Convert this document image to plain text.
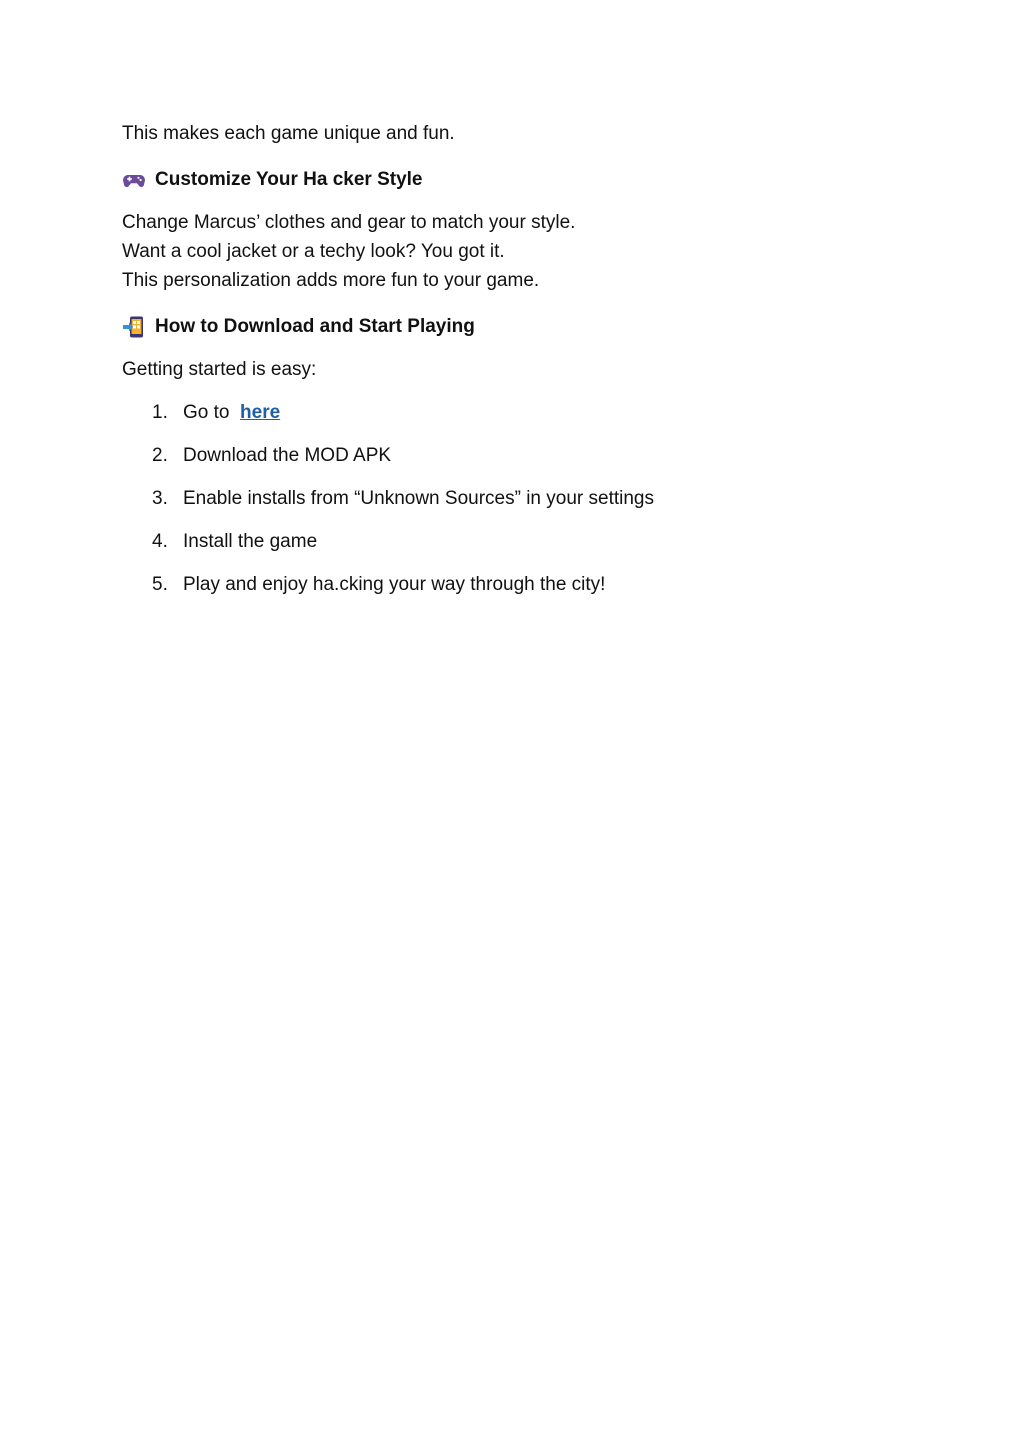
This makes each game unique and fun.
Customize Your Ha cker Style
Change Marcus’ clothes and gear to match your style.
Want a cool jacket or a techy look? You got it.
This personalization adds more fun to your game.
How to Download and Start Playing
Getting started is easy:
1. Go to  here
2. Download the MOD APK
3. Enable installs from “Unknown Sources” in your settings
4. Install the game
5. Play and enjoy ha.cking your way through the city!
